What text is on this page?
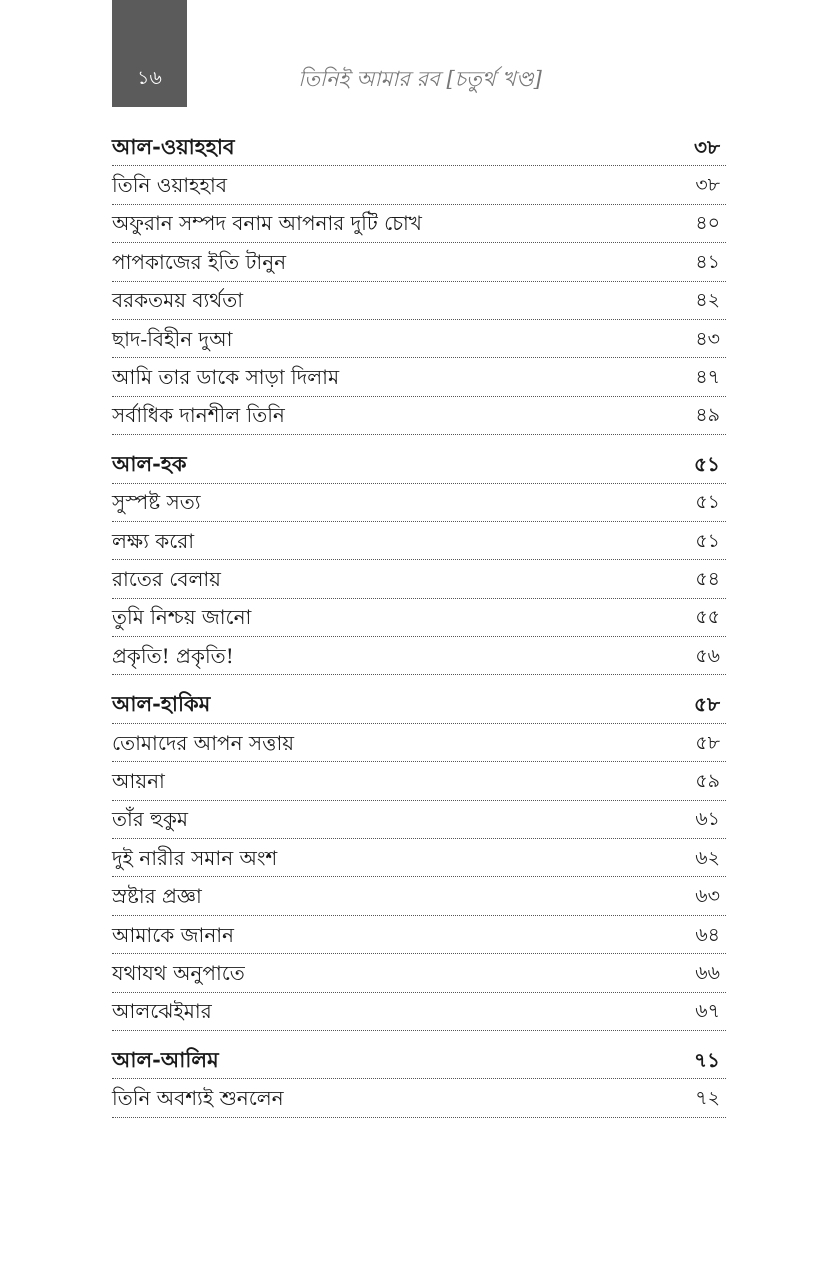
১৬	তিনিই আমার রব [চতুর্থ খণ্ড]
আল-ওয়াহহাব	৩৮
তিনি ওয়াহহাব	৩৮
অফুরান সম্পদ বনাম আপনার দুটি চোখ	৪০
পাপকাজের ইতি টানুন	৪১
বরকতময় ব্যর্থতা	৪২
ছাদ-বিহীন দুআ	৪৩
আমি তার ডাকে সাড়া দিলাম	৪৭
সর্বাধিক দানশীল তিনি	৪৯
আল-হক	৫১
সুস্পষ্ট সত্য	৫১
লক্ষ্য করো	৫১
রাতের বেলায়	৫৪
তুমি নিশ্চয় জানো	৫৫
প্রকৃতি! প্রকৃতি!	৫৬
আল-হাকিম	৫৮
তোমাদের আপন সত্তায়	৫৮
আয়না	৫৯
তাঁর হুকুম	৬১
দুই নারীর সমান অংশ	৬২
স্রষ্টার প্রজ্ঞা	৬৩
আমাকে জানান	৬৪
যথাযথ অনুপাতে	৬৬
আলঝেইমার	৬৭
আল-আলিম	৭১
তিনি অবশ্যই শুনলেন	৭২
